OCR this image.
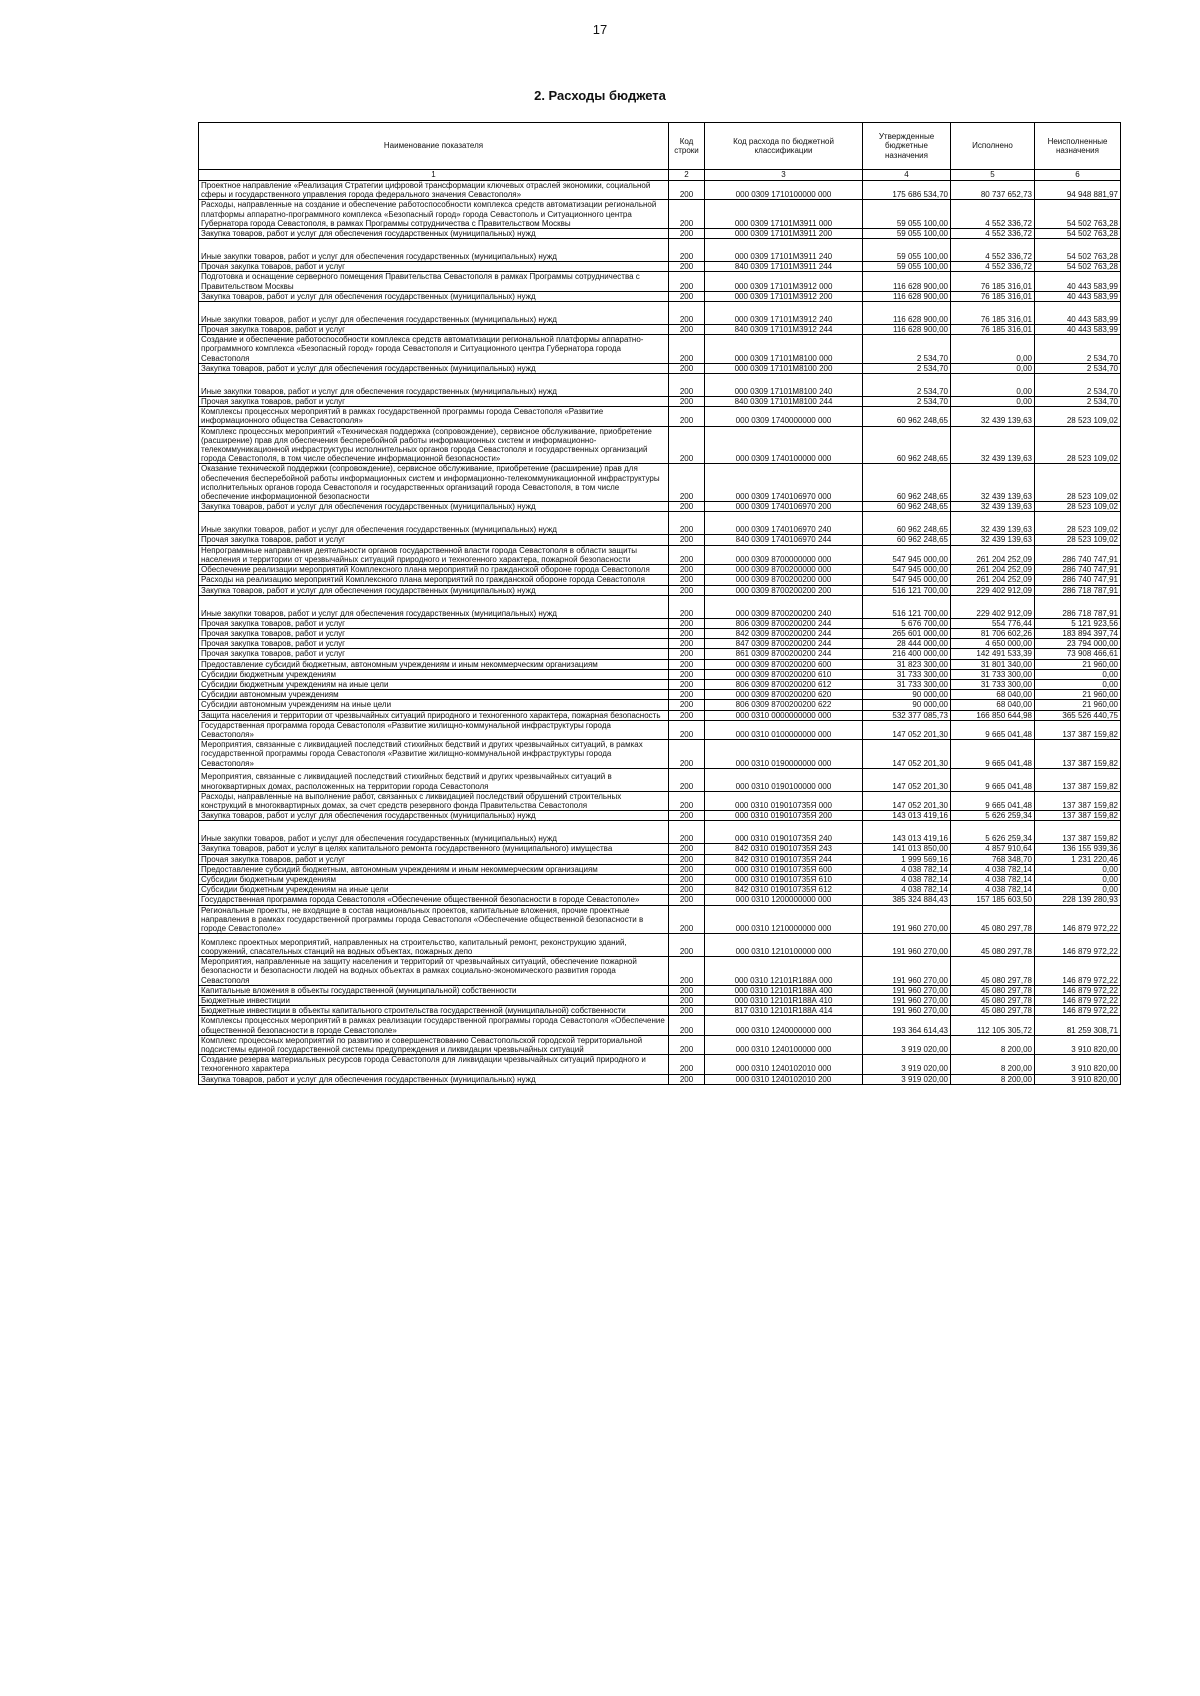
17
2. Расходы бюджета
Наименование показателя	Код строки	Код расхода по бюджетной классификации	Утвержденные бюджетные назначения	Исполнено	Неисполненные назначения
1	2	3	4	5	6
Проектное направление «Реализация Стратегии цифровой трансформации ключевых отраслей экономики, социальной сферы и государственного управления города федерального значения Севастополя»	200	000 0309 1710100000 000	175 686 534,70	80 737 652,73	94 948 881,97
Расходы, направленные на создание и обеспечение работоспособности комплекса средств автоматизации региональной платформы аппаратно-программного комплекса «Безопасный город» города Севастополь и Ситуационного центра Губернатора города Севастополя, в рамках Программы сотрудничества с Правительством Москвы	200	000 0309 17101М3911 000	59 055 100,00	4 552 336,72	54 502 763,28
Закупка товаров, работ и услуг для обеспечения государственных (муниципальных) нужд	200	000 0309 17101М3911 200	59 055 100,00	4 552 336,72	54 502 763,28
Иные закупки товаров, работ и услуг для обеспечения государственных (муниципальных) нужд	200	000 0309 17101М3911 240	59 055 100,00	4 552 336,72	54 502 763,28
Прочая закупка товаров, работ и услуг	200	840 0309 17101М3911 244	59 055 100,00	4 552 336,72	54 502 763,28
Подготовка и оснащение серверного помещения Правительства Севастополя в рамках Программы сотрудничества с Правительством Москвы	200	000 0309 17101М3912 000	116 628 900,00	76 185 316,01	40 443 583,99
Закупка товаров, работ и услуг для обеспечения государственных (муниципальных) нужд	200	000 0309 17101М3912 200	116 628 900,00	76 185 316,01	40 443 583,99
Иные закупки товаров, работ и услуг для обеспечения государственных (муниципальных) нужд	200	000 0309 17101М3912 240	116 628 900,00	76 185 316,01	40 443 583,99
Прочая закупка товаров, работ и услуг	200	840 0309 17101М3912 244	116 628 900,00	76 185 316,01	40 443 583,99
Создание и обеспечение работоспособности комплекса средств автоматизации региональной платформы аппаратно-программного комплекса «Безопасный город» города Севастополя и Ситуационного центра Губернатора города Севастополя	200	000 0309 17101М8100 000	2 534,70	0,00	2 534,70
Закупка товаров, работ и услуг для обеспечения государственных (муниципальных) нужд	200	000 0309 17101М8100 200	2 534,70	0,00	2 534,70
Иные закупки товаров, работ и услуг для обеспечения государственных (муниципальных) нужд	200	000 0309 17101М8100 240	2 534,70	0,00	2 534,70
Прочая закупка товаров, работ и услуг	200	840 0309 17101М8100 244	2 534,70	0,00	2 534,70
Комплексы процессных мероприятий в рамках государственной программы города Севастополя «Развитие информационного общества Севастополя»	200	000 0309 1740000000 000	60 962 248,65	32 439 139,63	28 523 109,02
Комплекс процессных мероприятий «Техническая поддержка (сопровождение), сервисное обслуживание, приобретение (расширение) прав для обеспечения бесперебойной работы информационных систем и информационно-телекоммуникационной инфраструктуры исполнительных органов города Севастополя и государственных организаций города Севастополя, в том числе обеспечение информационной безопасности»	200	000 0309 1740100000 000	60 962 248,65	32 439 139,63	28 523 109,02
Оказание технической поддержки (сопровождение), сервисное обслуживание, приобретение (расширение) прав для обеспечения бесперебойной работы информационных систем и информационно-телекоммуникационной инфраструктуры исполнительных органов города Севастополя и государственных организаций города Севастополя, в том числе обеспечение информационной безопасности	200	000 0309 1740106970 000	60 962 248,65	32 439 139,63	28 523 109,02
Закупка товаров, работ и услуг для обеспечения государственных (муниципальных) нужд	200	000 0309 1740106970 200	60 962 248,65	32 439 139,63	28 523 109,02
Иные закупки товаров, работ и услуг для обеспечения государственных (муниципальных) нужд	200	000 0309 1740106970 240	60 962 248,65	32 439 139,63	28 523 109,02
Прочая закупка товаров, работ и услуг	200	840 0309 1740106970 244	60 962 248,65	32 439 139,63	28 523 109,02
Непрограммные направления деятельности органов государственной власти города Севастополя в области защиты населения и территории от чрезвычайных ситуаций природного и техногенного характера, пожарной безопасности	200	000 0309 8700000000 000	547 945 000,00	261 204 252,09	286 740 747,91
Обеспечение реализации мероприятий Комплексного плана мероприятий по гражданской обороне города Севастополя	200	000 0309 8700200000 000	547 945 000,00	261 204 252,09	286 740 747,91
Расходы на реализацию мероприятий Комплексного плана мероприятий по гражданской обороне города Севастополя	200	000 0309 8700200200 000	547 945 000,00	261 204 252,09	286 740 747,91
Закупка товаров, работ и услуг для обеспечения государственных (муниципальных) нужд	200	000 0309 8700200200 200	516 121 700,00	229 402 912,09	286 718 787,91
Иные закупки товаров, работ и услуг для обеспечения государственных (муниципальных) нужд	200	000 0309 8700200200 240	516 121 700,00	229 402 912,09	286 718 787,91
Прочая закупка товаров, работ и услуг	200	806 0309 8700200200 244	5 676 700,00	554 776,44	5 121 923,56
Прочая закупка товаров, работ и услуг	200	842 0309 8700200200 244	265 601 000,00	81 706 602,26	183 894 397,74
Прочая закупка товаров, работ и услуг	200	847 0309 8700200200 244	28 444 000,00	4 650 000,00	23 794 000,00
Прочая закупка товаров, работ и услуг	200	861 0309 8700200200 244	216 400 000,00	142 491 533,39	73 908 466,61
Предоставление субсидий бюджетным, автономным учреждениям и иным некоммерческим организациям	200	000 0309 8700200200 600	31 823 300,00	31 801 340,00	21 960,00
Субсидии бюджетным учреждениям	200	000 0309 8700200200 610	31 733 300,00	31 733 300,00	0,00
Субсидии бюджетным учреждениям на иные цели	200	806 0309 8700200200 612	31 733 300,00	31 733 300,00	0,00
Субсидии автономным учреждениям	200	000 0309 8700200200 620	90 000,00	68 040,00	21 960,00
Субсидии автономным учреждениям на иные цели	200	806 0309 8700200200 622	90 000,00	68 040,00	21 960,00
Защита населения и территории от чрезвычайных ситуаций природного и техногенного характера, пожарная безопасность	200	000 0310 0000000000 000	532 377 085,73	166 850 644,98	365 526 440,75
Государственная программа города Севастополя «Развитие жилищно-коммунальной инфраструктуры города Севастополя»	200	000 0310 0100000000 000	147 052 201,30	9 665 041,48	137 387 159,82
Мероприятия, связанные с ликвидацией последствий стихийных бедствий и других чрезвычайных ситуаций, в рамках государственной программы города Севастополя «Развитие жилищно-коммунальной инфраструктуры города Севастополя»	200	000 0310 0190000000 000	147 052 201,30	9 665 041,48	137 387 159,82
Мероприятия, связанные с ликвидацией последствий стихийных бедствий и других чрезвычайных ситуаций в многоквартирных домах, расположенных на территории города Севастополя	200	000 0310 0190100000 000	147 052 201,30	9 665 041,48	137 387 159,82
Расходы, направленные на выполнение работ, связанных с ликвидацией последствий обрушений строительных конструкций в многоквартирных домах, за счет средств резервного фонда Правительства Севастополя	200	000 0310 019010735Я 000	147 052 201,30	9 665 041,48	137 387 159,82
Закупка товаров, работ и услуг для обеспечения государственных (муниципальных) нужд	200	000 0310 019010735Я 200	143 013 419,16	5 626 259,34	137 387 159,82
Иные закупки товаров, работ и услуг для обеспечения государственных (муниципальных) нужд	200	000 0310 019010735Я 240	143 013 419,16	5 626 259,34	137 387 159,82
Закупка товаров, работ и услуг в целях капитального ремонта государственного (муниципального) имущества	200	842 0310 019010735Я 243	141 013 850,00	4 857 910,64	136 155 939,36
Прочая закупка товаров, работ и услуг	200	842 0310 019010735Я 244	1 999 569,16	768 348,70	1 231 220,46
Предоставление субсидий бюджетным, автономным учреждениям и иным некоммерческим организациям	200	000 0310 019010735Я 600	4 038 782,14	4 038 782,14	0,00
Субсидии бюджетным учреждениям	200	000 0310 019010735Я 610	4 038 782,14	4 038 782,14	0,00
Субсидии бюджетным учреждениям на иные цели	200	842 0310 019010735Я 612	4 038 782,14	4 038 782,14	0,00
Государственная программа города Севастополя «Обеспечение общественной безопасности в городе Севастополе»	200	000 0310 1200000000 000	385 324 884,43	157 185 603,50	228 139 280,93
Региональные проекты, не входящие в состав национальных проектов, капитальные вложения, прочие проектные направления в рамках государственной программы города Севастополя «Обеспечение общественной безопасности в городе Севастополе»	200	000 0310 1210000000 000	191 960 270,00	45 080 297,78	146 879 972,22
Комплекс проектных мероприятий, направленных на строительство, капитальный ремонт, реконструкцию зданий, сооружений, спасательных станций на водных объектах, пожарных депо	200	000 0310 1210100000 000	191 960 270,00	45 080 297,78	146 879 972,22
Мероприятия, направленные на защиту населения и территорий от чрезвычайных ситуаций, обеспечение пожарной безопасности и безопасности людей на водных объектах в рамках социально-экономического развития города Севастополя	200	000 0310 12101R188А 000	191 960 270,00	45 080 297,78	146 879 972,22
Капитальные вложения в объекты государственной (муниципальной) собственности	200	000 0310 12101R188А 400	191 960 270,00	45 080 297,78	146 879 972,22
Бюджетные инвестиции	200	000 0310 12101R188А 410	191 960 270,00	45 080 297,78	146 879 972,22
Бюджетные инвестиции в объекты капитального строительства государственной (муниципальной) собственности	200	817 0310 12101R188А 414	191 960 270,00	45 080 297,78	146 879 972,22
Комплексы процессных мероприятий в рамках реализации государственной программы города Севастополя «Обеспечение общественной безопасности в городе Севастополе»	200	000 0310 1240000000 000	193 364 614,43	112 105 305,72	81 259 308,71
Комплекс процессных мероприятий по развитию и совершенствованию Севастопольской городской территориальной подсистемы единой государственной системы предупреждения и ликвидации чрезвычайных ситуаций	200	000 0310 1240100000 000	3 919 020,00	8 200,00	3 910 820,00
Создание резерва материальных ресурсов города Севастополя для ликвидации чрезвычайных ситуаций природного и техногенного характера	200	000 0310 1240102010 000	3 919 020,00	8 200,00	3 910 820,00
Закупка товаров, работ и услуг для обеспечения государственных (муниципальных) нужд	200	000 0310 1240102010 200	3 919 020,00	8 200,00	3 910 820,00
